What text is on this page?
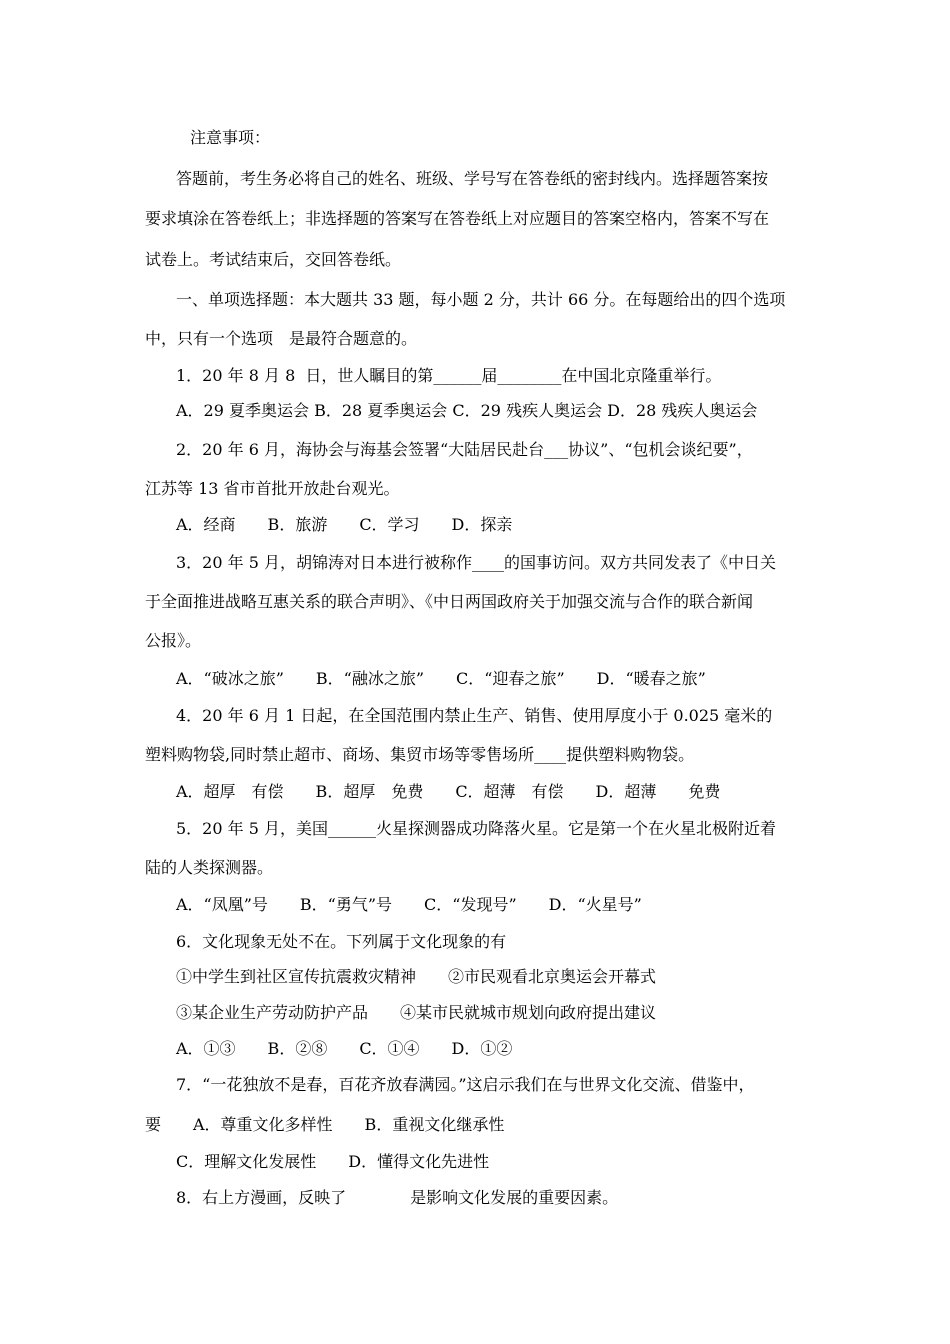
注意事项：
答题前，考生务必将自己的姓名、班级、学号写在答卷纸的密封线内。选择题答案按
要求填涂在答卷纸上；非选择题的答案写在答卷纸上对应题目的答案空格内，答案不写在
试卷上。考试结束后，交回答卷纸。
一、单项选择题：本大题共 33 题，每小题 2 分，共计 66 分。在每题给出的四个选项
中，只有一个选项　是最符合题意的。
1．20 年 8 月 8  日，世人瞩目的第______届________在中国北京隆重举行。
A．29 夏季奥运会 B．28 夏季奥运会 C．29 残疾人奥运会 D．28 残疾人奥运会
2．20 年 6 月，海协会与海基会签署“大陆居民赴台___协议”、“包机会谈纪要”，
江苏等 13 省市首批开放赴台观光。
A．经商　　B．旅游　　C．学习　　D．探亲
3．20 年 5 月，胡锦涛对日本进行被称作____的国事访问。双方共同发表了《中日关
于全面推进战略互惠关系的联合声明》、《中日两国政府关于加强交流与合作的联合新闻
公报》。
A．“破冰之旅”　　B．“融冰之旅”　　C．“迎春之旅”　　D．“暖春之旅”
4．20 年 6 月 1 日起，在全国范围内禁止生产、销售、使用厚度小于 0.025 毫米的
塑料购物袋,同时禁止超市、商场、集贸市场等零售场所____提供塑料购物袋。
A．超厚　有偿　　B．超厚　免费　　C．超薄　有偿　　D．超薄　　免费
5．20 年 5 月，美国______火星探测器成功降落火星。它是第一个在火星北极附近着
陆的人类探测器。
A．“凤凰”号　　B．“勇气”号　　C．“发现号”　　D．“火星号”
6．文化现象无处不在。下列属于文化现象的有
①中学生到社区宣传抗震救灾精神　　②市民观看北京奥运会开幕式
③某企业生产劳动防护产品　　④某市民就城市规划向政府提出建议
A．①③　　B．②⑧　　C．①④　　D．①②
7．“一花独放不是春，百花齐放春满园。”这启示我们在与世界文化交流、借鉴中，
要　　A．尊重文化多样性　　B．重视文化继承性
C．理解文化发展性　　D．懂得文化先进性
8．右上方漫画，反映了　　　　是影响文化发展的重要因素。
